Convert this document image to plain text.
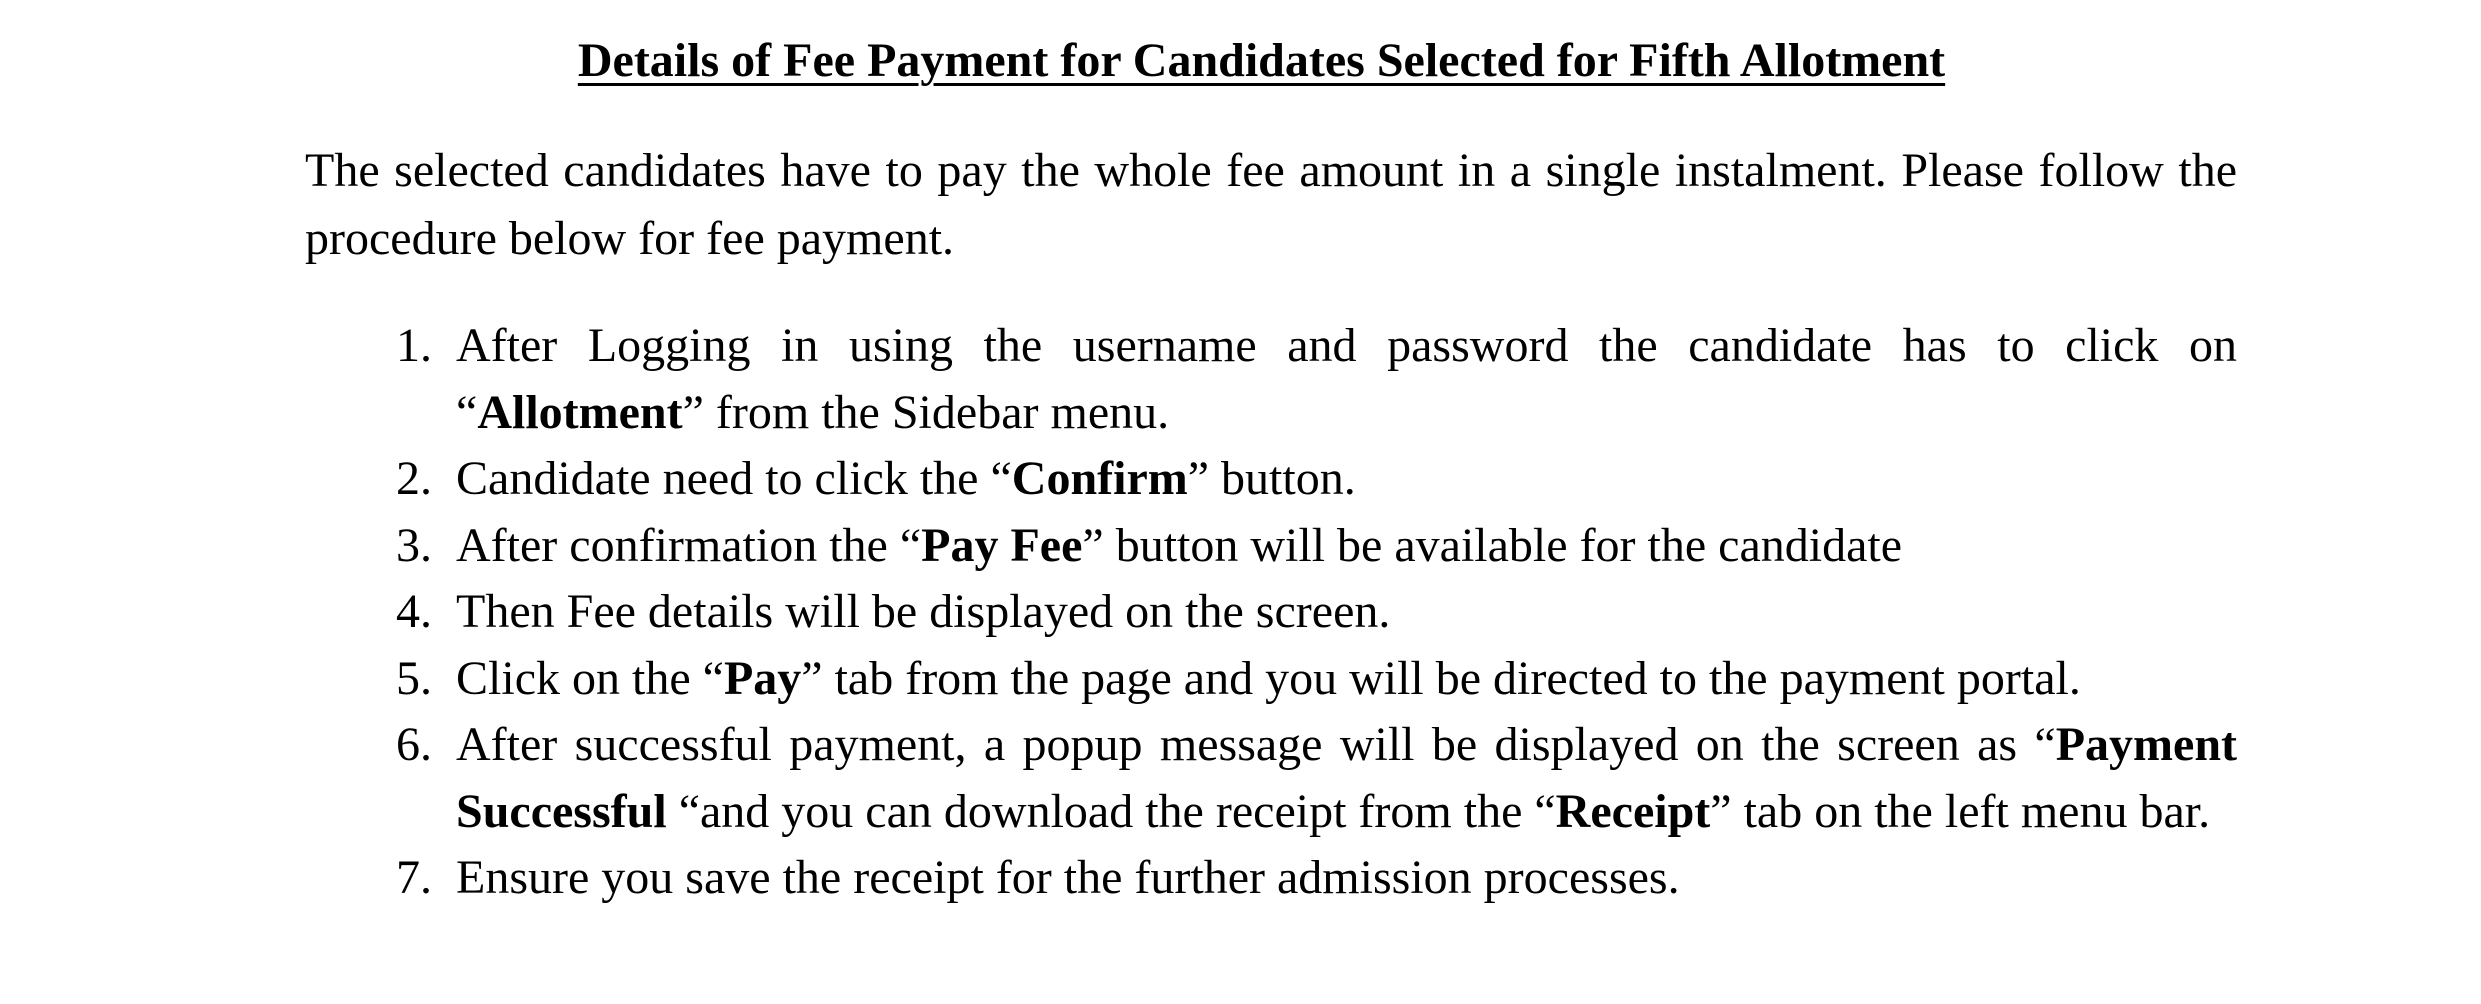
Details of Fee Payment for Candidates Selected for Fifth Allotment

The selected candidates have to pay the whole fee amount in a single instalment. Please follow the procedure below for fee payment.

1. After Logging in using the username and password the candidate has to click on “Allotment” from the Sidebar menu.
2. Candidate need to click the “Confirm” button.
3. After confirmation the “Pay Fee” button will be available for the candidate
4. Then Fee details will be displayed on the screen.
5. Click on the “Pay” tab from the page and you will be directed to the payment portal.
6. After successful payment, a popup message will be displayed on the screen as “Payment Successful “and you can download the receipt from the “Receipt” tab on the left menu bar.
7. Ensure you save the receipt for the further admission processes.
